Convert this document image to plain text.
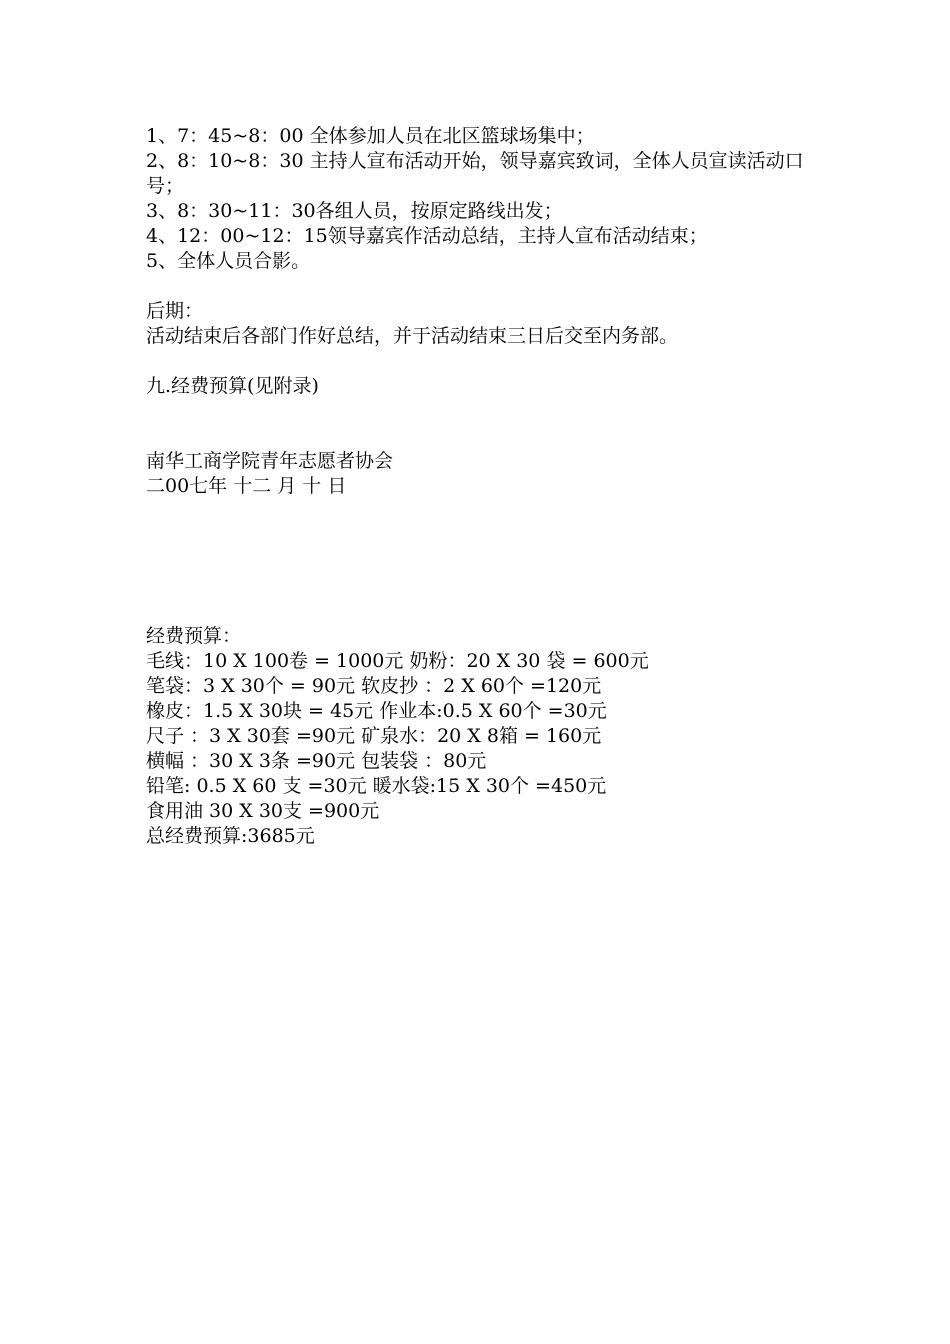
1、7：45~8：00 全体参加人员在北区篮球场集中；
2、8：10~8：30 主持人宣布活动开始，领导嘉宾致词，全体人员宣读活动口号；
3、8：30~11：30各组人员，按原定路线出发；
4、12：00~12：15领导嘉宾作活动总结，主持人宣布活动结束；
5、全体人员合影。
后期：
活动结束后各部门作好总结，并于活动结束三日后交至内务部。
九.经费预算(见附录)
南华工商学院青年志愿者协会
二00七年 十二 月 十 日
经费预算：
毛线：10 X 100卷 = 1000元 奶粉：20 X 30 袋 = 600元
笔袋：3 X 30个 = 90元 软皮抄 ：2 X 60个 =120元
橡皮：1.5 X 30块 = 45元 作业本:0.5 X 60个 =30元
尺子 ：3 X 30套 =90元 矿泉水：20 X 8箱 = 160元
横幅 ：30 X 3条 =90元 包装袋 ：80元
铅笔: 0.5 X 60 支 =30元 暖水袋:15 X 30个 =450元
食用油 30 X 30支 =900元
总经费预算:3685元
